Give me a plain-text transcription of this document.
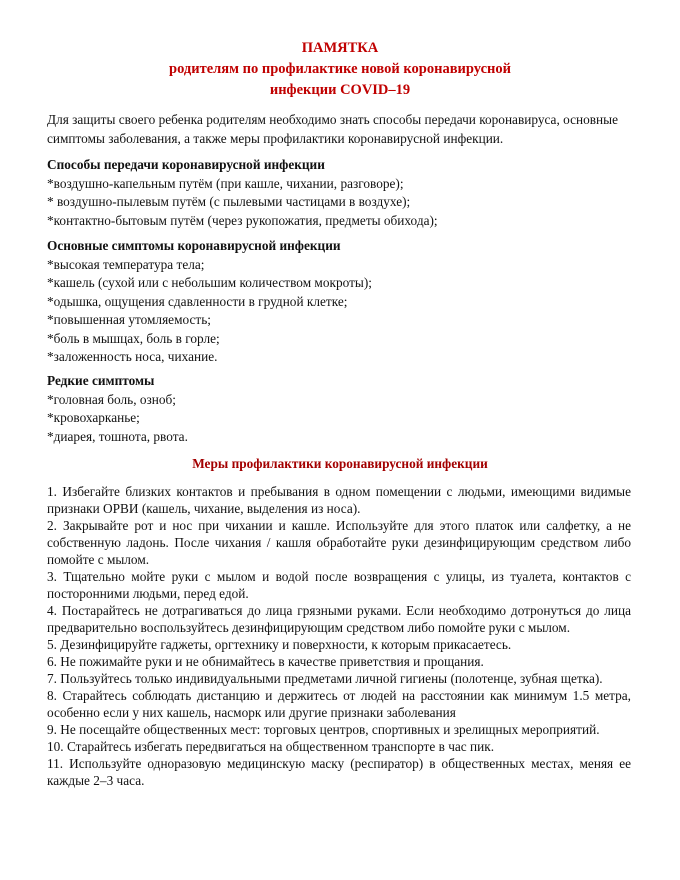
ПАМЯТКА
родителям по профилактике новой коронавирусной
инфекции COVID–19
Для защиты своего ребенка родителям необходимо знать способы передачи коронавируса, основные симптомы заболевания, а также меры профилактики коронавирусной инфекции.
Способы передачи коронавирусной инфекции
*воздушно-капельным путём (при кашле, чихании, разговоре);
* воздушно-пылевым путём (с пылевыми частицами в воздухе);
*контактно-бытовым путём (через рукопожатия, предметы обихода);
Основные симптомы коронавирусной инфекции
*высокая температура тела;
*кашель (сухой или с небольшим количеством мокроты);
*одышка, ощущения сдавленности в грудной клетке;
*повышенная утомляемость;
*боль в мышцах, боль в горле;
*заложенность носа, чихание.
Редкие симптомы
*головная боль, озноб;
*кровохарканье;
*диарея, тошнота, рвота.
Меры профилактики коронавирусной инфекции

1. Избегайте близких контактов и пребывания в одном помещении с людьми, имеющими видимые признаки ОРВИ (кашель, чихание, выделения из носа).

2. Закрывайте рот и нос при чихании и кашле. Используйте для этого платок или салфетку, а не собственную ладонь. После чихания / кашля обработайте руки дезинфицирующим средством либо помойте с мылом.

3. Тщательно мойте руки с мылом и водой после возвращения с улицы, из туалета, контактов с посторонними людьми, перед едой.

4. Постарайтесь не дотрагиваться до лица грязными руками. Если необходимо дотронуться до лица предварительно воспользуйтесь дезинфицирующим средством либо помойте руки с мылом.

5. Дезинфицируйте гаджеты, оргтехнику и поверхности, к которым прикасаетесь.

6. Не пожимайте руки и не обнимайтесь в качестве приветствия и прощания.

7. Пользуйтесь только индивидуальными предметами личной гигиены (полотенце, зубная щетка).

8. Старайтесь соблюдать дистанцию и держитесь от людей на расстоянии как минимум 1.5 метра, особенно если у них кашель, насморк или другие признаки заболевания

9. Не посещайте общественных мест: торговых центров, спортивных и зрелищных мероприятий.

10. Старайтесь избегать передвигаться на общественном транспорте в час пик.

11. Используйте одноразовую медицинскую маску (респиратор) в общественных местах, меняя ее каждые 2–3 часа.
